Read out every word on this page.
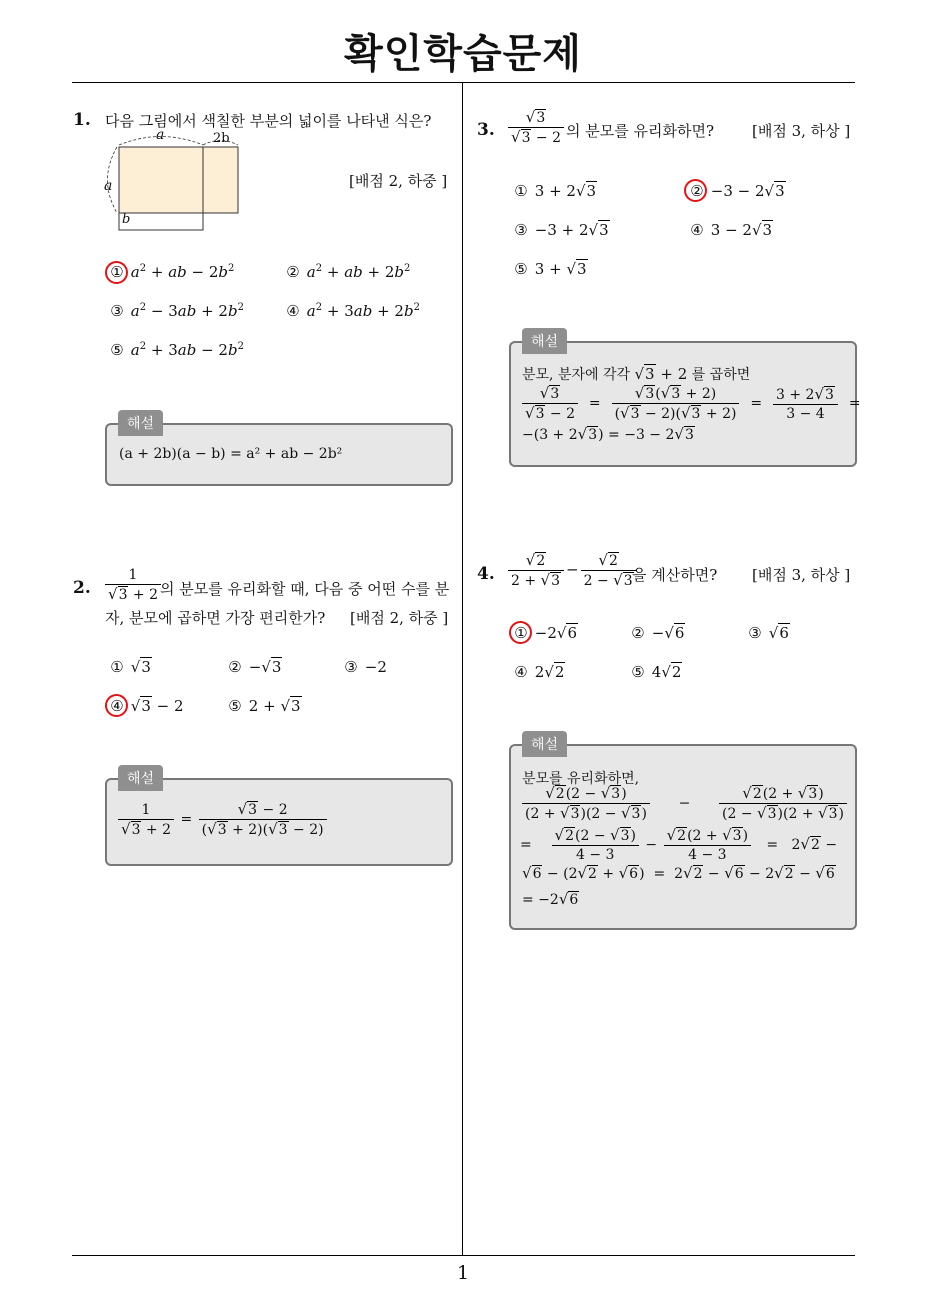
확인학습문제
1
1. 다음 그림에서 색칠한 부분의 넓이를 나타낸 식은?
a	2b
a
b
[배점 2, 하중 ]
① $a^2$ + ab − $2b^2$	② $a^2$ + ab + $2b^2$
③ $a^2 - 3ab + 2b^2$	④ $a^2 + 3ab + 2b^2$
⑤ $a^2 + 3ab - 2b^2$
해설
(a + 2b)(a − b) = a² + ab − 2b²
2. $\frac{1}{√3 + 2}$
의 분모를 유리화할 때, 다음 중 어떤 수를 분
자, 분모에 곱하면 가장 편리한가? [배점 2, 하중 ]
① √3	② −√3	③ −2
④ √3 − 2	⑤ 2 + √3
해설
$\frac{1}{√3 + 2} = \frac{√3 - 2}{(√3 + 2)(√3 - 2)}$
3. $\frac{√3}{√3 - 2}$ 의 분모를 유리화하면?	[배점 3, 하상 ]
① 3 + 2√3	② −3 − 2√3
③ −3 + 2√3	④ 3 − 2√3
⑤ 3 + √3
해설
분모, 분자에 각각 √3 + 2 를 곱하면
$\frac{√3}{√3 - 2} = \frac{√3(√3 + 2)}{(√3 - 2)(√3 + 2)} = \frac{3 + 2√3}{3 - 4}$ =
−(3 + 2√3) = −3 − 2√3
4. $\frac{√2}{2 + √3} - \frac{√2}{2 - √3}$
을 계산하면? [배점 3, 하상 ]
① −2√6	② −√6	③ √6
④ 2√2	⑤ 4√2
해설
분모를 유리화하면,
$\frac{√2(2 - √3)}{(2 + √3)(2 - √3)} - \frac{√2(2 + √3)}{(2 - √3)(2 + √3)}$
= $\frac{√2(2 - √3)}{4 - 3} - \frac{√2(2 + √3)}{4 - 3} = 2√2$ −
√6 − (2√2 + √6)  =  2√2 − √6 − 2√2 − √6
= −2√6
